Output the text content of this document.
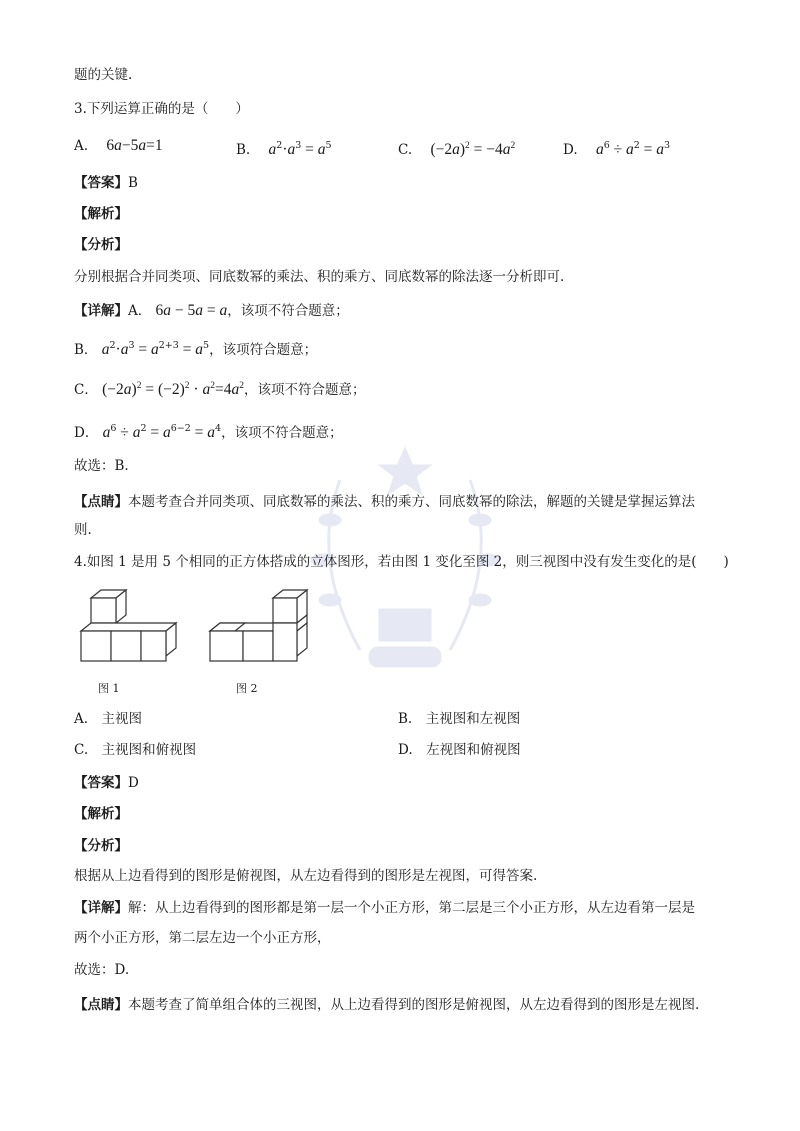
题的关键.
3.下列运算正确的是（　　）
A. 6a−5a=1	B. $a^2\cdot a^3 = a^5$	C. $(-2a)^2 = -4a^2$	D. $a^6 \div a^2 = a^3$
【答案】B
【解析】
【分析】
分别根据合并同类项、同底数幂的乘法、积的乘方、同底数幂的除法逐一分析即可.
【详解】A． 6a − 5a = a，该项不符合题意；
B． $a^2\cdot a^3 = a^{2+3} = a^5$，该项符合题意；
C． $(-2a)^2 = (-2)^2 \cdot a^2=4a^2$，该项不符合题意；
D． $a^6 \div a^2 = a^{6-2} = a^4$，该项不符合题意；
故选：B.
【点睛】本题考查合并同类项、同底数幂的乘法、积的乘方、同底数幂的除法，解题的关键是掌握运算法
则.
4.如图 1 是用 5 个相同的正方体搭成的立体图形，若由图 1 变化至图 2，则三视图中没有发生变化的是(　　)
图 1	图 2
A.　主视图	B.　主视图和左视图
C.　主视图和俯视图	D.　左视图和俯视图
【答案】D
【解析】
【分析】
根据从上边看得到的图形是俯视图，从左边看得到的图形是左视图，可得答案.
【详解】解：从上边看得到的图形都是第一层一个小正方形，第二层是三个小正方形，从左边看第一层是
两个小正方形，第二层左边一个小正方形，
故选：D.
【点睛】本题考查了简单组合体的三视图，从上边看得到的图形是俯视图，从左边看得到的图形是左视图.
